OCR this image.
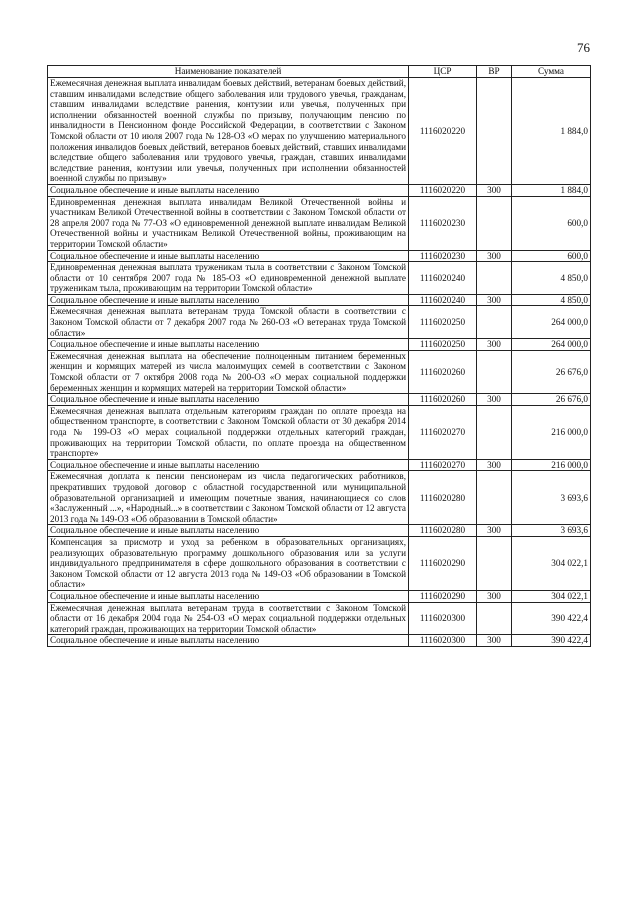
76
Наименование показателей	ЦСР	ВР	Сумма
Ежемесячная денежная выплата инвалидам боевых действий, ветеранам боевых действий, ставшим инвалидами вследствие общего заболевания или трудового увечья, гражданам, ставшим инвалидами вследствие ранения, контузии или увечья, полученных при исполнении обязанностей военной службы по призыву, получающим пенсию по инвалидности в Пенсионном фонде Российской Федерации, в соответствии с Законом Томской области от 10 июля 2007 года № 128-ОЗ «О мерах по улучшению материального положения инвалидов боевых действий, ветеранов боевых действий, ставших инвалидами вследствие общего заболевания или трудового увечья, граждан, ставших инвалидами вследствие ранения, контузии или увечья, полученных при исполнении обязанностей военной службы по призыву»	1116020220		1 884,0
Социальное обеспечение и иные выплаты населению	1116020220	300	1 884,0
Единовременная денежная выплата инвалидам Великой Отечественной войны и участникам Великой Отечественной войны в соответствии с Законом Томской области от 28 апреля 2007 года № 77-ОЗ «О единовременной денежной выплате инвалидам Великой Отечественной войны и участникам Великой Отечественной войны, проживающим на территории Томской области»	1116020230		600,0
Социальное обеспечение и иные выплаты населению	1116020230	300	600,0
Единовременная денежная выплата труженикам тыла в соответствии с Законом Томской области от 10 сентября 2007 года № 185-ОЗ «О единовременной денежной выплате труженикам тыла, проживающим на территории Томской области»	1116020240		4 850,0
Социальное обеспечение и иные выплаты населению	1116020240	300	4 850,0
Ежемесячная денежная выплата ветеранам труда Томской области в соответствии с Законом Томской области от 7 декабря 2007 года № 260-ОЗ «О ветеранах труда Томской области»	1116020250		264 000,0
Социальное обеспечение и иные выплаты населению	1116020250	300	264 000,0
Ежемесячная денежная выплата на обеспечение полноценным питанием беременных женщин и кормящих матерей из числа малоимущих семей в соответствии с Законом Томской области от 7 октября 2008 года № 200-ОЗ «О мерах социальной поддержки беременных женщин и кормящих матерей на территории Томской области»	1116020260		26 676,0
Социальное обеспечение и иные выплаты населению	1116020260	300	26 676,0
Ежемесячная денежная выплата отдельным категориям граждан по оплате проезда на общественном транспорте, в соответствии с Законом Томской области от 30 декабря 2014 года № 199-ОЗ «О мерах социальной поддержки отдельных категорий граждан, проживающих на территории Томской области, по оплате проезда на общественном транспорте»	1116020270		216 000,0
Социальное обеспечение и иные выплаты населению	1116020270	300	216 000,0
Ежемесячная доплата к пенсии пенсионерам из числа педагогических работников, прекративших трудовой договор с областной государственной или муниципальной образовательной организацией и имеющим почетные звания, начинающиеся со слов «Заслуженный ...», «Народный...» в соответствии с Законом Томской области от 12 августа 2013 года № 149-ОЗ «Об образовании в Томской области»	1116020280		3 693,6
Социальное обеспечение и иные выплаты населению	1116020280	300	3 693,6
Компенсация за присмотр и уход за ребенком в образовательных организациях, реализующих образовательную программу дошкольного образования или за услуги индивидуального предпринимателя в сфере дошкольного образования в соответствии с Законом Томской области от 12 августа 2013 года № 149-ОЗ «Об образовании в Томской области»	1116020290		304 022,1
Социальное обеспечение и иные выплаты населению	1116020290	300	304 022,1
Ежемесячная денежная выплата ветеранам труда в соответствии с Законом Томской области от 16 декабря 2004 года № 254-ОЗ «О мерах социальной поддержки отдельных категорий граждан, проживающих на территории Томской области»	1116020300		390 422,4
Социальное обеспечение и иные выплаты населению	1116020300	300	390 422,4
